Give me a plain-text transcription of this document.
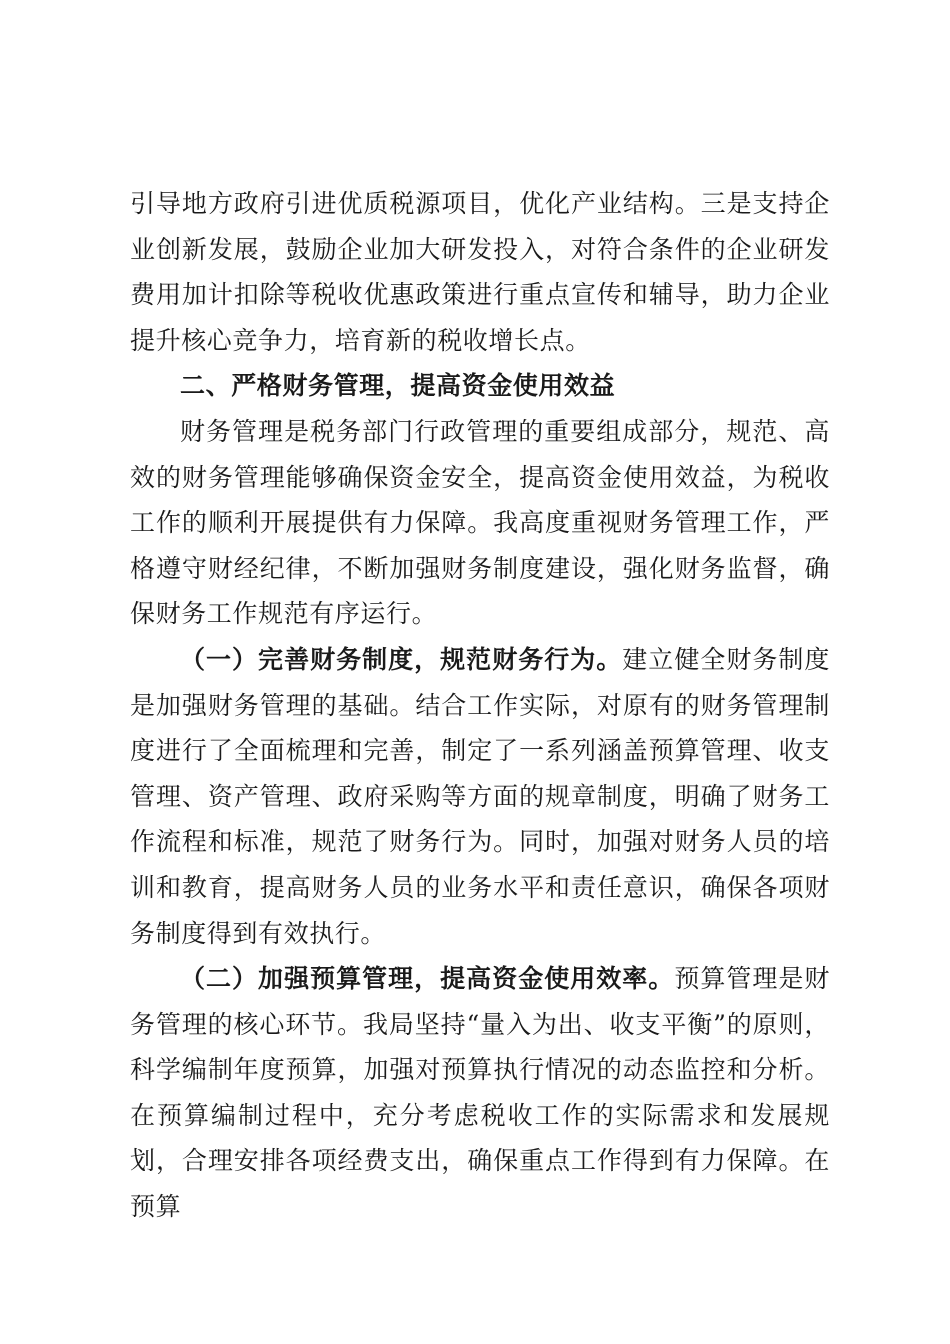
引导地方政府引进优质税源项目，优化产业结构。三是支持企业创新发展，鼓励企业加大研发投入，对符合条件的企业研发费用加计扣除等税收优惠政策进行重点宣传和辅导，助力企业提升核心竞争力，培育新的税收增长点。

二、严格财务管理，提高资金使用效益

财务管理是税务部门行政管理的重要组成部分，规范、高效的财务管理能够确保资金安全，提高资金使用效益，为税收工作的顺利开展提供有力保障。我高度重视财务管理工作，严格遵守财经纪律，不断加强财务制度建设，强化财务监督，确保财务工作规范有序运行。

（一）完善财务制度，规范财务行为。建立健全财务制度是加强财务管理的基础。结合工作实际，对原有的财务管理制度进行了全面梳理和完善，制定了一系列涵盖预算管理、收支管理、资产管理、政府采购等方面的规章制度，明确了财务工作流程和标准，规范了财务行为。同时，加强对财务人员的培训和教育，提高财务人员的业务水平和责任意识，确保各项财务制度得到有效执行。

（二）加强预算管理，提高资金使用效率。预算管理是财务管理的核心环节。我局坚持“量入为出、收支平衡”的原则，科学编制年度预算，加强对预算执行情况的动态监控和分析。在预算编制过程中，充分考虑税收工作的实际需求和发展规划，合理安排各项经费支出，确保重点工作得到有力保障。在预算
